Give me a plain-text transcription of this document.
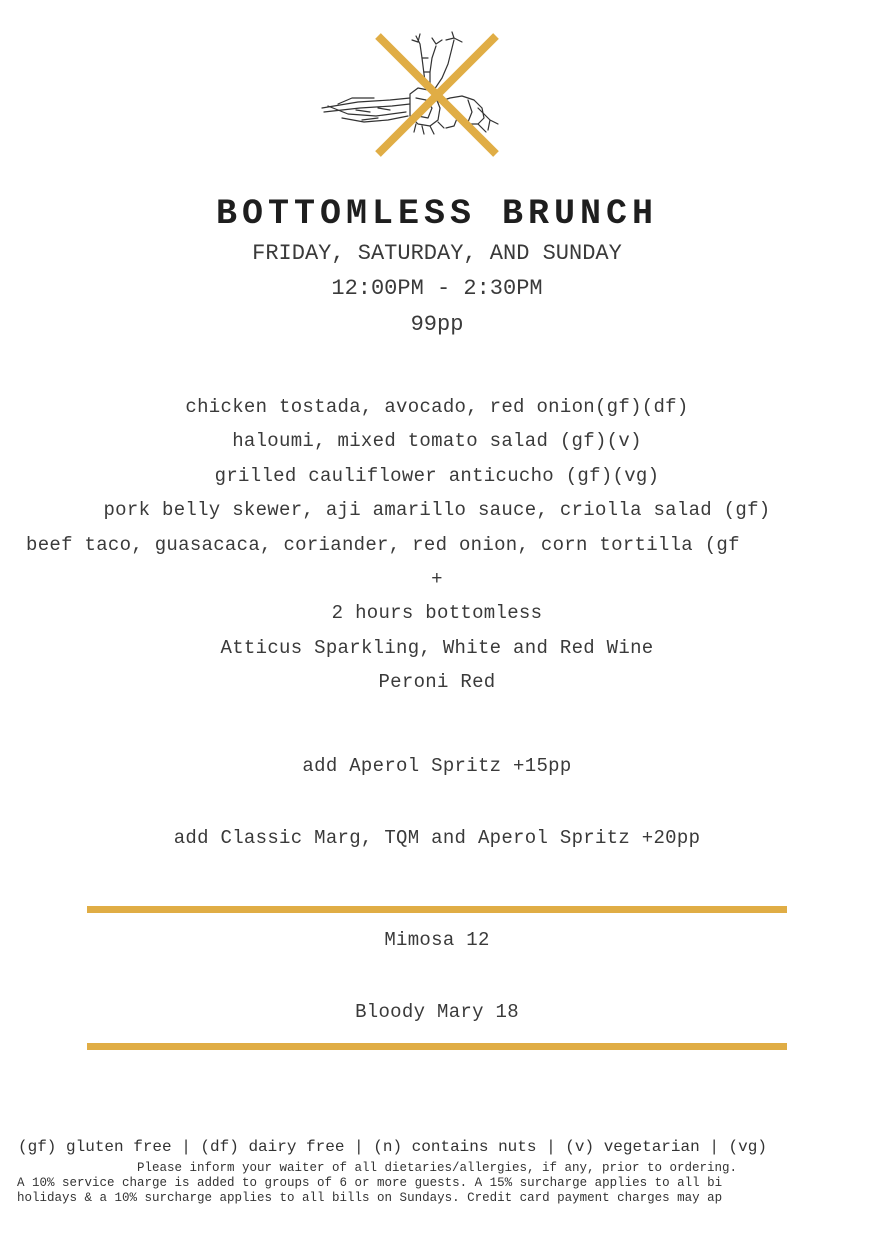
BOTTOMLESS BRUNCH
FRIDAY, SATURDAY, AND SUNDAY
12:00PM - 2:30PM
99pp
chicken tostada, avocado, red onion(gf)(df)
haloumi, mixed tomato salad (gf)(v)
grilled cauliflower anticucho (gf)(vg)
pork belly skewer, aji amarillo sauce, criolla salad (gf)
beef taco, guasacaca, coriander, red onion, corn tortilla (gf
+
2 hours bottomless
Atticus Sparkling, White and Red Wine
Peroni Red
add Aperol Spritz +15pp
add Classic Marg, TQM and Aperol Spritz +20pp
Mimosa 12
Bloody Mary 18
(gf) gluten free | (df) dairy free | (n) contains nuts | (v) vegetarian | (vg)
Please inform your waiter of all dietaries/allergies, if any, prior to ordering.
A 10% service charge is added to groups of 6 or more guests. A 15% surcharge applies to all bi
holidays & a 10% surcharge applies to all bills on Sundays. Credit card payment charges may ap
